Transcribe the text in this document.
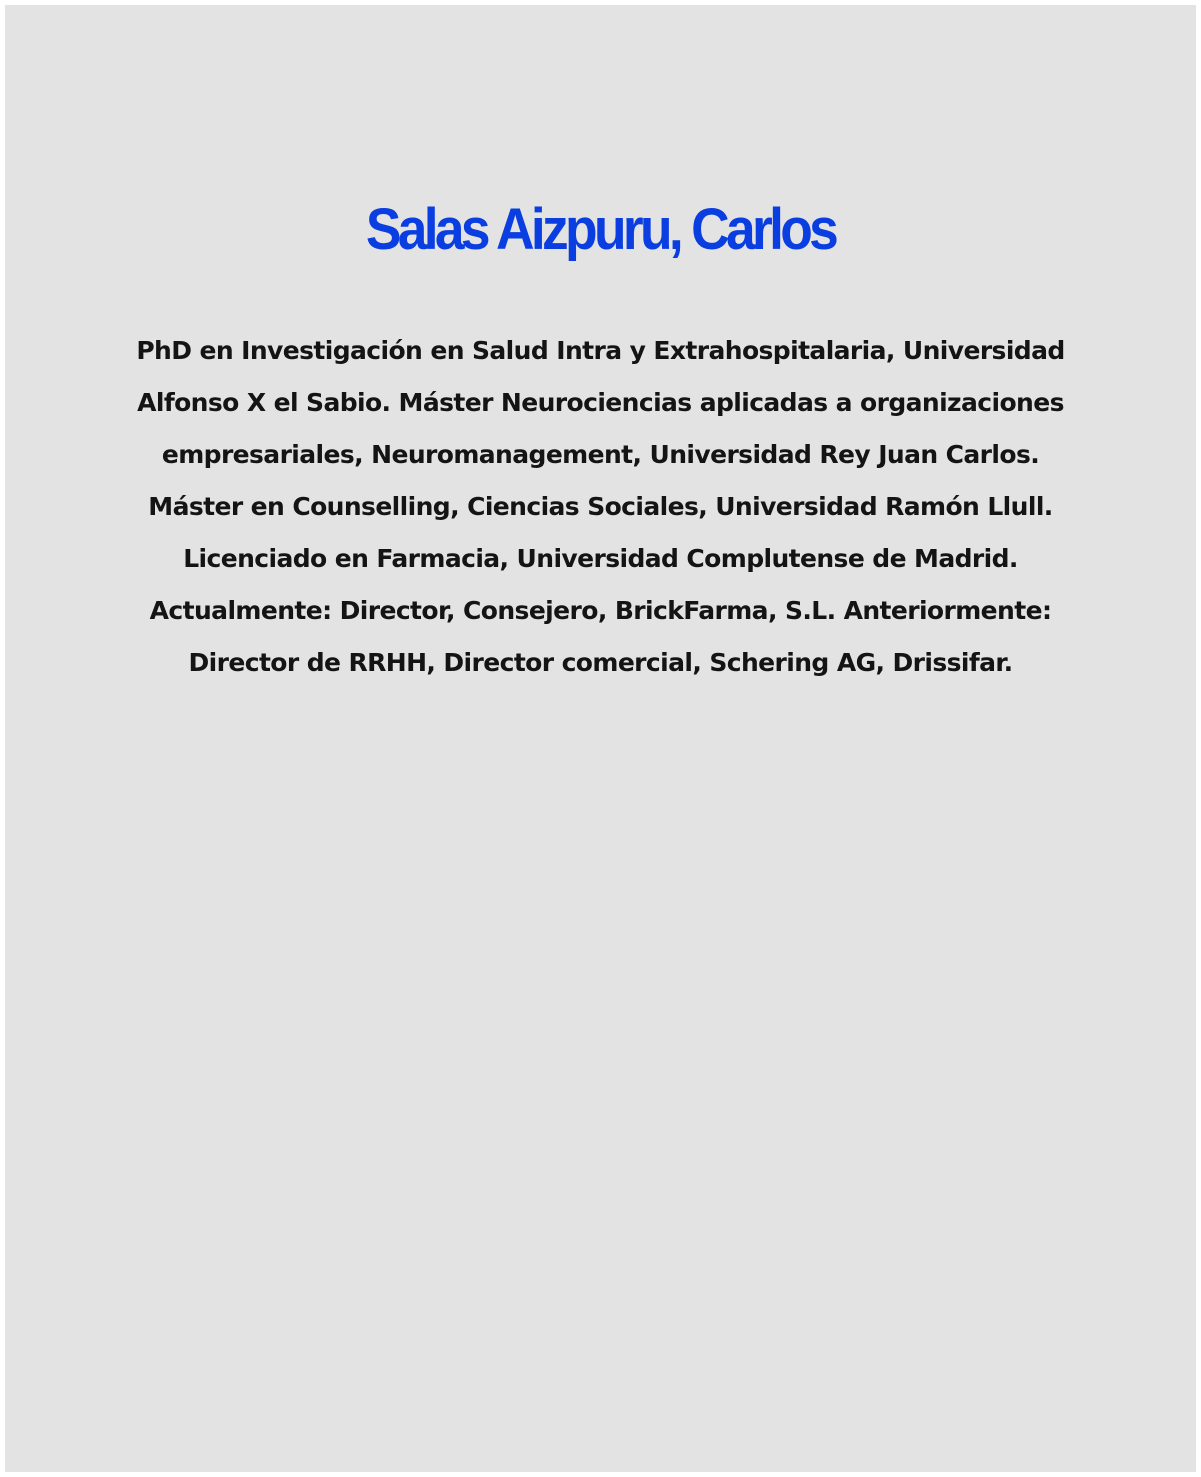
Salas Aizpuru, Carlos

PhD en Investigación en Salud Intra y Extrahospitalaria, Universidad Alfonso X el Sabio. Máster Neurociencias aplicadas a organizaciones empresariales, Neuromanagement, Universidad Rey Juan Carlos. Máster en Counselling, Ciencias Sociales, Universidad Ramón Llull. Licenciado en Farmacia, Universidad Complutense de Madrid. Actualmente: Director, Consejero, BrickFarma, S.L. Anteriormente: Director de RRHH, Director comercial, Schering AG, Drissifar.
